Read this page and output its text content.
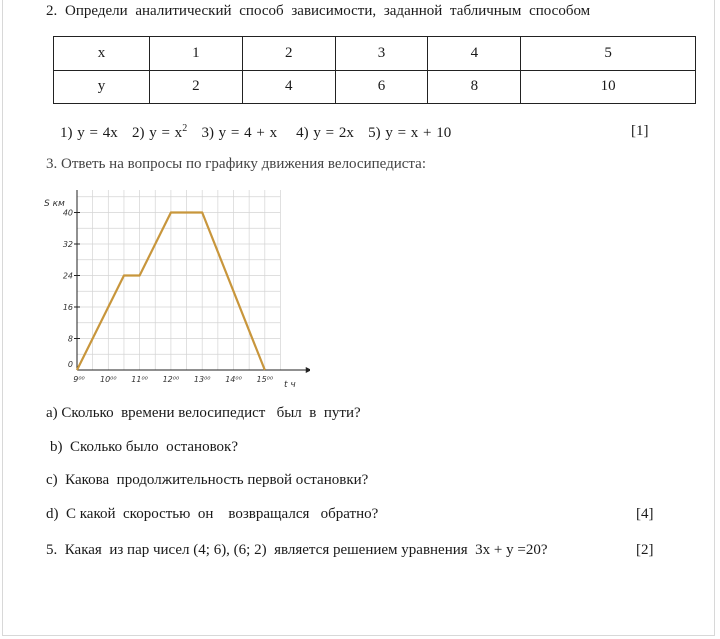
2. Определи аналитический способ зависимости, заданной табличным способом
x	1	2	3	4	5
y	2	4	6	8	10
1) y = 4x 2) $y = x^2$ 3) y = 4 + x 4) y = 2x 5) y = x + 10	[1]
3. Ответь на вопросы по графику движения велосипедиста:
S км
t ч
0
8
16
24
32
40
9⁰⁰ 10⁰⁰ 11⁰⁰ 12⁰⁰ 13⁰⁰ 14⁰⁰ 15⁰⁰
a) Сколько  времени велосипедист   был  в  пути?
b)  Сколько было  остановок?
c)  Какова  продолжительность первой остановки?
d)  С какой  скоростью  он    возвращался   обратно?	[4]
5.  Какая  из пар чисел (4; 6), (6; 2)  является решением уравнения  3x + y =20?	[2]
